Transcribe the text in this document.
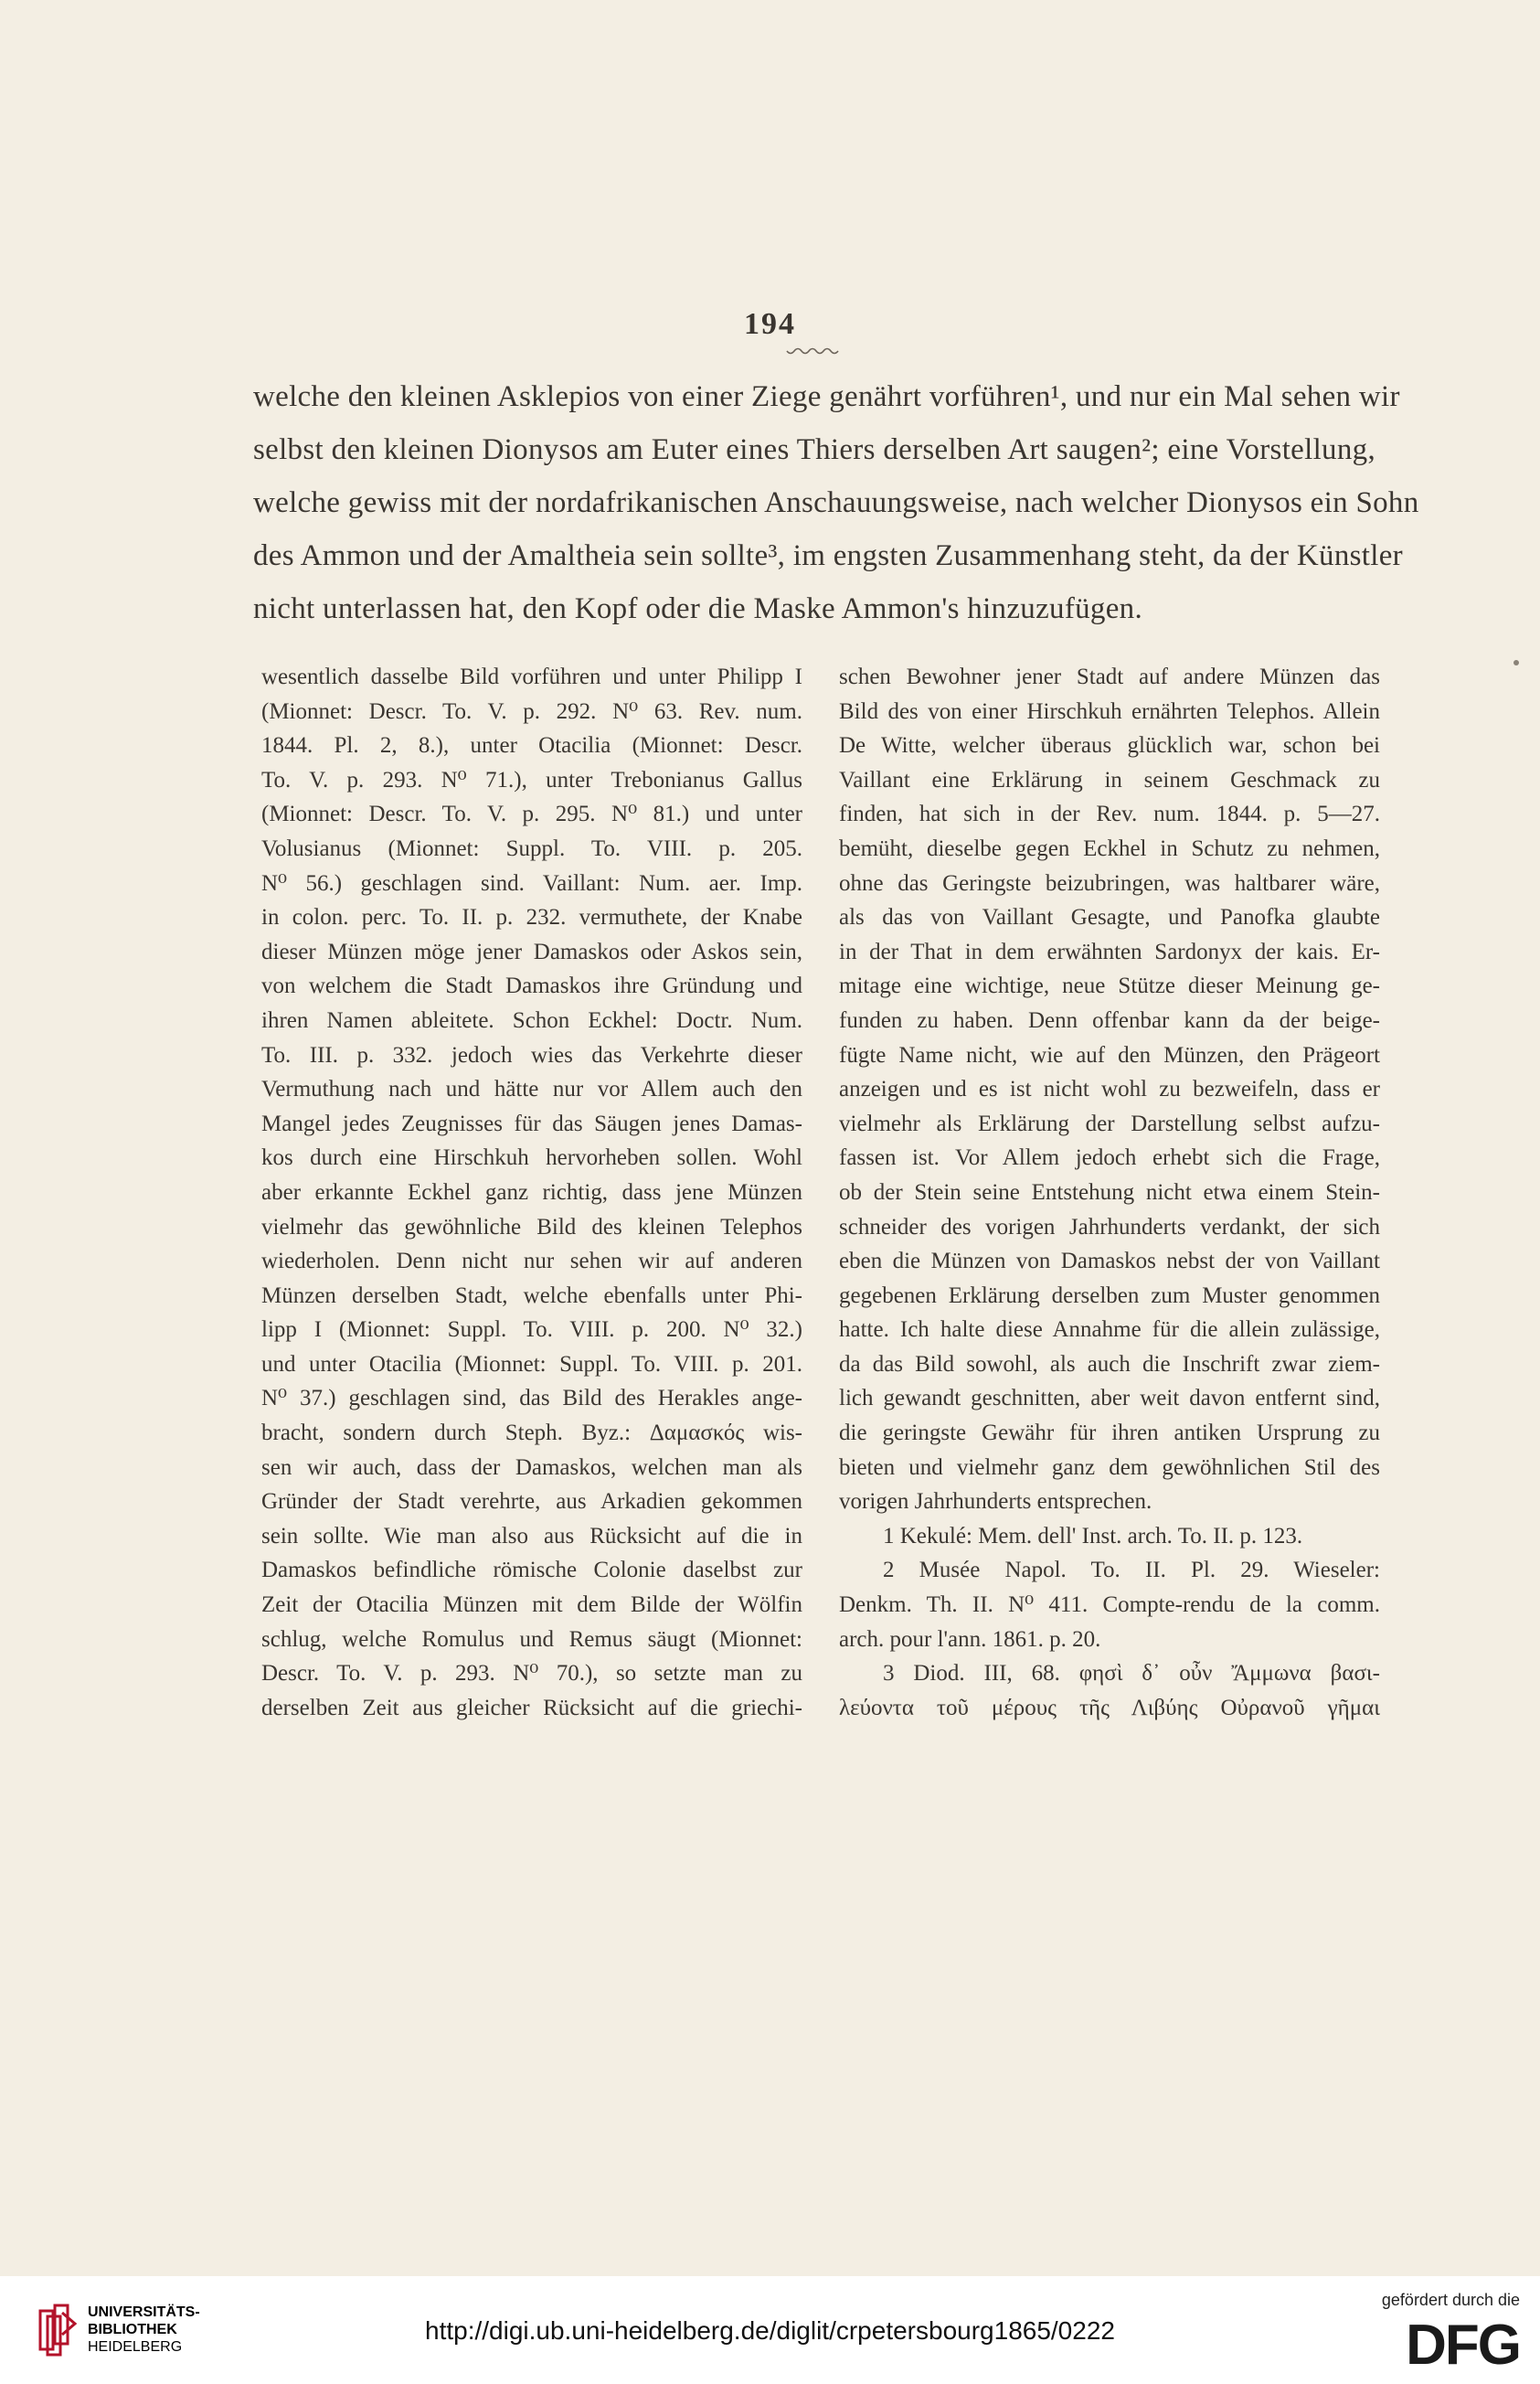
194
welche den kleinen Asklepios von einer Ziege genährt vorführen¹, und nur ein Mal sehen wir
selbst den kleinen Dionysos am Euter eines Thiers derselben Art saugen²; eine Vorstellung,
welche gewiss mit der nordafrikanischen Anschauungsweise, nach welcher Dionysos ein Sohn
des Ammon und der Amaltheia sein sollte³, im engsten Zusammenhang steht, da der Künstler
nicht unterlassen hat, den Kopf oder die Maske Ammon's hinzuzufügen.
wesentlich dasselbe Bild vorführen und unter Philipp I
(Mionnet: Descr. To. V. p. 292. N⁰ 63. Rev. num.
1844. Pl. 2, 8.), unter Otacilia (Mionnet: Descr.
To. V. p. 293. N⁰ 71.), unter Trebonianus Gallus
(Mionnet: Descr. To. V. p. 295. N⁰ 81.) und unter
Volusianus (Mionnet: Suppl. To. VIII. p. 205.
N⁰ 56.) geschlagen sind. Vaillant: Num. aer. Imp.
in colon. perc. To. II. p. 232. vermuthete, der Knabe
dieser Münzen möge jener Damaskos oder Askos sein,
von welchem die Stadt Damaskos ihre Gründung und
ihren Namen ableitete. Schon Eckhel: Doctr. Num.
To. III. p. 332. jedoch wies das Verkehrte dieser
Vermuthung nach und hätte nur vor Allem auch den
Mangel jedes Zeugnisses für das Säugen jenes Damas-
kos durch eine Hirschkuh hervorheben sollen. Wohl
aber erkannte Eckhel ganz richtig, dass jene Münzen
vielmehr das gewöhnliche Bild des kleinen Telephos
wiederholen. Denn nicht nur sehen wir auf anderen
Münzen derselben Stadt, welche ebenfalls unter Phi-
lipp I (Mionnet: Suppl. To. VIII. p. 200. N⁰ 32.)
und unter Otacilia (Mionnet: Suppl. To. VIII. p. 201.
N⁰ 37.) geschlagen sind, das Bild des Herakles ange-
bracht, sondern durch Steph. Byz.: Δαμασκός wis-
sen wir auch, dass der Damaskos, welchen man als
Gründer der Stadt verehrte, aus Arkadien gekommen
sein sollte. Wie man also aus Rücksicht auf die in
Damaskos befindliche römische Colonie daselbst zur
Zeit der Otacilia Münzen mit dem Bilde der Wölfin
schlug, welche Romulus und Remus säugt (Mionnet:
Descr. To. V. p. 293. N⁰ 70.), so setzte man zu
derselben Zeit aus gleicher Rücksicht auf die griechi-
schen Bewohner jener Stadt auf andere Münzen das
Bild des von einer Hirschkuh ernährten Telephos. Allein
De Witte, welcher überaus glücklich war, schon bei
Vaillant eine Erklärung in seinem Geschmack zu
finden, hat sich in der Rev. num. 1844. p. 5—27.
bemüht, dieselbe gegen Eckhel in Schutz zu nehmen,
ohne das Geringste beizubringen, was haltbarer wäre,
als das von Vaillant Gesagte, und Panofka glaubte
in der That in dem erwähnten Sardonyx der kais. Er-
mitage eine wichtige, neue Stütze dieser Meinung ge-
funden zu haben. Denn offenbar kann da der beige-
fügte Name nicht, wie auf den Münzen, den Prägeort
anzeigen und es ist nicht wohl zu bezweifeln, dass er
vielmehr als Erklärung der Darstellung selbst aufzu-
fassen ist. Vor Allem jedoch erhebt sich die Frage,
ob der Stein seine Entstehung nicht etwa einem Stein-
schneider des vorigen Jahrhunderts verdankt, der sich
eben die Münzen von Damaskos nebst der von Vaillant
gegebenen Erklärung derselben zum Muster genommen
hatte. Ich halte diese Annahme für die allein zulässige,
da das Bild sowohl, als auch die Inschrift zwar ziem-
lich gewandt geschnitten, aber weit davon entfernt sind,
die geringste Gewähr für ihren antiken Ursprung zu
bieten und vielmehr ganz dem gewöhnlichen Stil des
vorigen Jahrhunderts entsprechen.
1 Kekulé: Mem. dell' Inst. arch. To. II. p. 123.
2 Musée Napol. To. II. Pl. 29. Wieseler:
Denkm. Th. II. N⁰ 411. Compte-rendu de la comm.
arch. pour l'ann. 1861. p. 20.
3 Diod. III, 68. φησὶ δ᾽ οὖν Ἄμμωνα βασι-
λεύοντα τοῦ μέρους τῆς Λιβύης Οὐρανοῦ γῆμαι
UNIVERSITÄTS-
BIBLIOTHEK
HEIDELBERG
http://digi.ub.uni-heidelberg.de/diglit/crpetersbourg1865/0222
gefördert durch die
DFG
